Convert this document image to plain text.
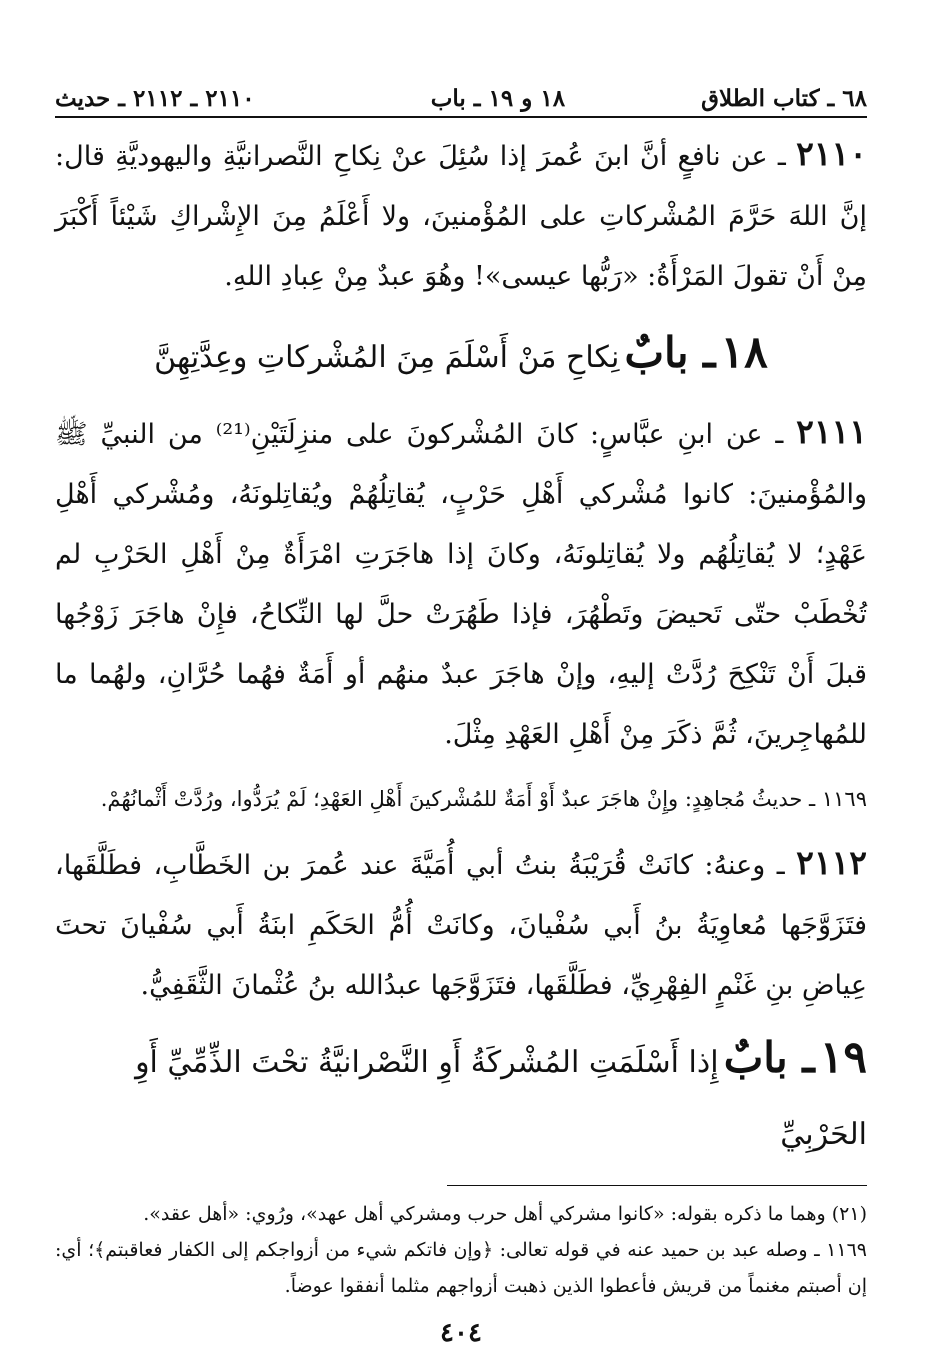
٦٨ ـ كتاب الطلاق
١٨ و ١٩ ـ باب
٢١١٠ ـ ٢١١٢ ـ حديث

٢١١٠ ـ عن نافعٍ أنَّ ابنَ عُمرَ إذا سُئِلَ عنْ نِكاحِ النَّصرانيَّةِ واليهوديَّةِ قال: إنَّ اللهَ حَرَّمَ المُشْركاتِ على المُؤْمنينَ، ولا أَعْلَمُ مِنَ الإِشْراكِ شَيْئاً أَكْبَرَ مِنْ أَنْ تقولَ المَرْأَةُ: «رَبُّها عيسى»! وهُوَ عبدٌ مِنْ عِبادِ اللهِ.

١٨ ـ بابٌ نِكاحِ مَنْ أَسْلَمَ مِنَ المُشْركاتِ وعِدَّتِهِنَّ

٢١١١ ـ عن ابنِ عبَّاسٍ: كانَ المُشْركونَ على منزِلَتَيْنِ⁽²¹⁾ من النبيِّ ﷺ والمُؤْمنينَ: كانوا مُشْركي أَهْلِ حَرْبٍ، يُقاتِلُهُمْ ويُقاتِلونَهُ، ومُشْركي أَهْلِ عَهْدٍ؛ لا يُقاتِلُهُم ولا يُقاتِلونَهُ، وكانَ إذا هاجَرَتِ امْرَأَةٌ مِنْ أَهْلِ الحَرْبِ لم تُخْطَبْ حتّى تَحيضَ وتَطْهُرَ، فإذا طَهُرَتْ حلَّ لها النِّكاحُ، فإِنْ هاجَرَ زَوْجُها قبلَ أَنْ تَنْكِحَ رُدَّتْ إليهِ، وإنْ هاجَرَ عبدٌ منهُم أو أَمَةٌ فهُما حُرَّانِ، ولهُما ما للمُهاجِرينَ، ثُمَّ ذكَرَ مِنْ أَهْلِ العَهْدِ مِثْلَ.

١١٦٩ ـ حديثُ مُجاهِدٍ: وإِنْ هاجَرَ عبدٌ أَوْ أَمَةٌ للمُشْركينَ أَهْلِ العَهْدِ؛ لَمْ يُرَدُّوا، ورُدَّتْ أَثْمانُهُمْ.

٢١١٢ ـ وعنهُ: كانَتْ قُرَيْبَةُ بنتُ أبي أُمَيَّةَ عند عُمرَ بن الخَطَّابِ، فطَلَّقَها، فتَزَوَّجَها مُعاوِيَةُ بنُ أَبي سُفْيانَ، وكانَتْ أُمُّ الحَكَمِ ابنَةُ أَبي سُفْيانَ تحتَ عِياضِ بنِ غَنْمٍ الفِهْرِيِّ، فطَلَّقَها، فتَزَوَّجَها عبدُالله بنُ عُثْمانَ الثَّقَفِيُّ.

١٩ ـ بابٌ إِذا أَسْلَمَتِ المُشْركَةُ أَوِ النَّصْرانيَّةُ تحْتَ الذِّمِّيِّ أَوِ الحَرْبِيِّ

(٢١) وهما ما ذكره بقوله: «كانوا مشركي أهل حرب ومشركي أهل عهد»، ورُوي: «أهل عقد».

١١٦٩ ـ وصله عبد بن حميد عنه في قوله تعالى: ﴿وإن فاتكم شيء من أزواجكم إلى الكفار فعاقبتم﴾؛ أي: إن أصبتم مغنماً من قريش فأعطوا الذين ذهبت أزواجهم مثلما أنفقوا عوضاً.

٤٠٤
